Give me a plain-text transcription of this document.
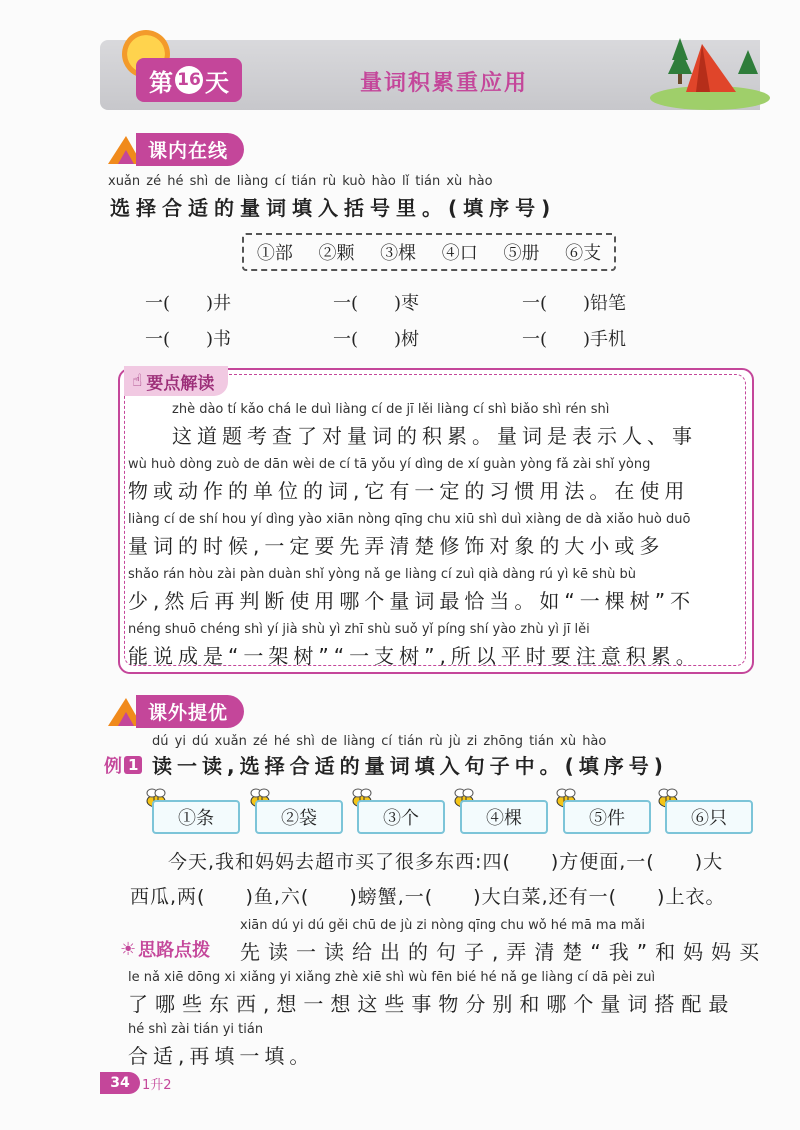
第 16 天	量词积累重应用
课内在线
xuǎn zé hé shì de liàng cí tián rù kuò hào lǐ tián xù hào
选择合适的量词填入括号里。(填序号)
①部 ②颗 ③棵 ④口 ⑤册 ⑥支
一(　　)井	一(　　)枣	一(　　)铅笔
一(　　)书	一(　　)树	一(　　)手机
☝ 要点解读
zhè dào tí kǎo chá le duì liàng cí de jī lěi liàng cí shì biǎo shì rén shì
这道题考查了对量词的积累。量词是表示人、事
wù huò dòng zuò de dān wèi de cí tā yǒu yí dìng de xí guàn yòng fǎ zài shǐ yòng
物或动作的单位的词,它有一定的习惯用法。在使用
liàng cí de shí hou yí dìng yào xiān nòng qīng chu xiū shì duì xiàng de dà xiǎo huò duō
量词的时候,一定要先弄清楚修饰对象的大小或多
shǎo rán hòu zài pàn duàn shǐ yòng nǎ ge liàng cí zuì qià dàng rú yì kē shù bù
少,然后再判断使用哪个量词最恰当。如“一棵树”不
néng shuō chéng shì yí jià shù yì zhī shù suǒ yǐ píng shí yào zhù yì jī lěi
能说成是“一架树”“一支树”,所以平时要注意积累。
课外提优
dú yi dú xuǎn zé hé shì de liàng cí tián rù jù zi zhōng tián xù hào
例 1 读一读,选择合适的量词填入句子中。(填序号)
①条	②袋	③个	④棵	⑤件	⑥只
今天,我和妈妈去超市买了很多东西:四(　　)方便面,一(　　)大
西瓜,两(　　)鱼,六(　　)螃蟹,一(　　)大白菜,还有一(　　)上衣。
☀ 思路点拨
xiān dú yi dú gěi chū de jù zi nòng qīng chu wǒ hé mā ma mǎi
先读一读给出的句子,弄清楚“我”和妈妈买
le nǎ xiē dōng xi xiǎng yi xiǎng zhè xiē shì wù fēn bié hé nǎ ge liàng cí dā pèi zuì
了哪些东西,想一想这些事物分别和哪个量词搭配最
hé shì zài tián yi tián
合适,再填一填。
34 1升2
